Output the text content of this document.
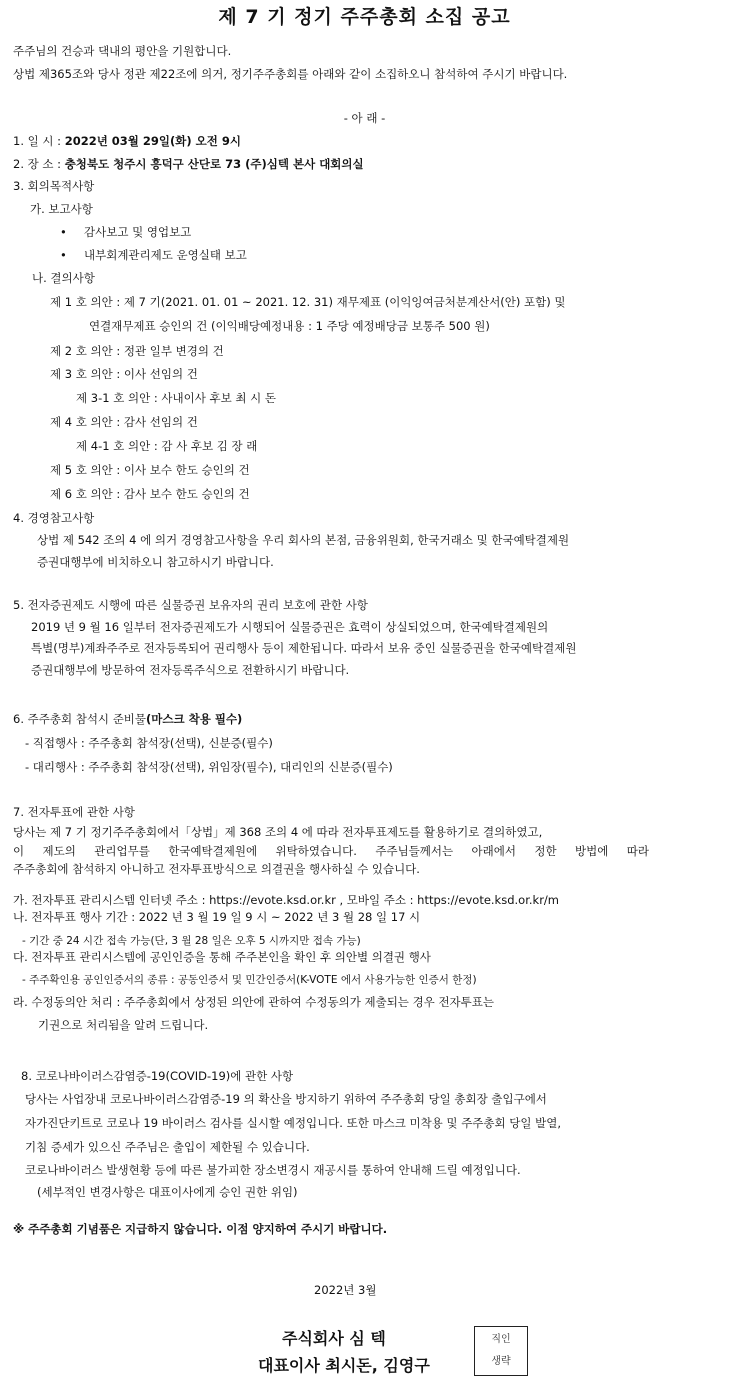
제 7 기 정기 주주총회 소집 공고
주주님의 건승과 댁내의 평안을 기원합니다.
상법 제365조와 당사 정관 제22조에 의거, 정기주주총회를 아래와 같이 소집하오니 참석하여 주시기 바랍니다.
- 아 래 -
1. 일 시 : 2022년 03월 29일(화) 오전 9시
2. 장 소 : 충청북도 청주시 흥덕구 산단로 73 (주)심텍 본사 대회의실
3. 회의목적사항
가. 보고사항
• 감사보고 및 영업보고
• 내부회계관리제도 운영실태 보고
나. 결의사항
제 1 호 의안 : 제 7 기(2021. 01. 01 ~ 2021. 12. 31) 재무제표 (이익잉여금처분계산서(안) 포함) 및
연결재무제표 승인의 건 (이익배당예정내용 : 1 주당 예정배당금 보통주 500 원)
제 2 호 의안 : 정관 일부 변경의 건
제 3 호 의안 : 이사 선임의 건
제 3-1 호 의안 : 사내이사 후보 최 시 돈
제 4 호 의안 : 감사 선임의 건
제 4-1 호 의안 : 감 사 후보 김 장 래
제 5 호 의안 : 이사 보수 한도 승인의 건
제 6 호 의안 : 감사 보수 한도 승인의 건
4. 경영참고사항
상법 제 542 조의 4 에 의거 경영참고사항을 우리 회사의 본점, 금융위원회, 한국거래소 및 한국예탁결제원
증권대행부에 비치하오니 참고하시기 바랍니다.
5. 전자증권제도 시행에 따른 실물증권 보유자의 권리 보호에 관한 사항
2019 년 9 월 16 일부터 전자증권제도가 시행되어 실물증권은 효력이 상실되었으며, 한국예탁결제원의
특별(명부)계좌주주로 전자등록되어 권리행사 등이 제한됩니다. 따라서 보유 중인 실물증권을 한국예탁결제원
증권대행부에 방문하여 전자등록주식으로 전환하시기 바랍니다.
6. 주주총회 참석시 준비물(마스크 착용 필수)
- 직접행사 : 주주총회 참석장(선택), 신분증(필수)
- 대리행사 : 주주총회 참석장(선택), 위임장(필수), 대리인의 신분증(필수)
7. 전자투표에 관한 사항
당사는 제 7 기 정기주주총회에서「상법」제 368 조의 4 에 따라 전자투표제도를 활용하기로 결의하였고,
이 제도의 관리업무를 한국예탁결제원에 위탁하였습니다. 주주님들께서는 아래에서 정한 방법에 따라
주주총회에 참석하지 아니하고 전자투표방식으로 의결권을 행사하실 수 있습니다.
가. 전자투표 관리시스템 인터넷 주소 : https://evote.ksd.or.kr , 모바일 주소 : https://evote.ksd.or.kr/m
나. 전자투표 행사 기간 : 2022 년 3 월 19 일 9 시 ~ 2022 년 3 월 28 일 17 시
- 기간 중 24 시간 접속 가능(단, 3 월 28 일은 오후 5 시까지만 접속 가능)
다. 전자투표 관리시스템에 공인인증을 통해 주주본인을 확인 후 의안별 의결권 행사
- 주주확인용 공인인증서의 종류 : 공동인증서 및 민간인증서(K-VOTE 에서 사용가능한 인증서 한정)
라. 수정동의안 처리 : 주주총회에서 상정된 의안에 관하여 수정동의가 제출되는 경우 전자투표는
기권으로 처리됨을 알려 드립니다.
8. 코로나바이러스감염증-19(COVID-19)에 관한 사항
당사는 사업장내 코로나바이러스감염증-19 의 확산을 방지하기 위하여 주주총회 당일 총회장 출입구에서
자가진단키트로 코로나 19 바이러스 검사를 실시할 예정입니다. 또한 마스크 미착용 및 주주총회 당일 발열,
기침 증세가 있으신 주주님은 출입이 제한될 수 있습니다.
코로나바이러스 발생현황 등에 따른 불가피한 장소변경시 재공시를 통하여 안내해 드릴 예정입니다.
(세부적인 변경사항은 대표이사에게 승인 권한 위임)
※ 주주총회 기념품은 지급하지 않습니다. 이점 양지하여 주시기 바랍니다.
2022년 3월
주식회사 심 텍
대표이사 최시돈, 김영구
직인
생략
